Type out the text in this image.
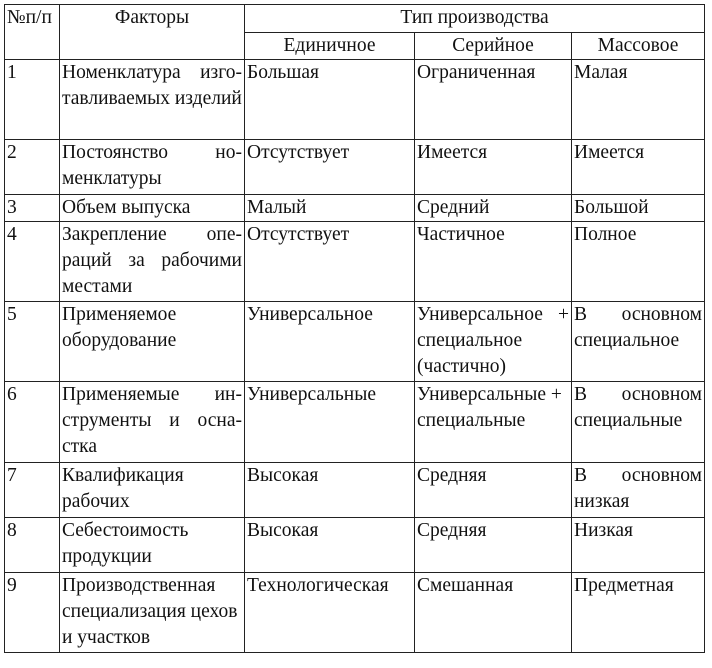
№п/п	Факторы	Тип производства		
		Единичное	Серийное	Массовое
1	Номенклатура изготавливаемых изделий	Большая	Ограниченная	Малая
2	Постоянство номенклатуры	Отсутствует	Имеется	Имеется
3	Объем выпуска	Малый	Средний	Большой
4	Закрепление операций за рабочими местами	Отсутствует	Частичное	Полное
5	Применяемое оборудование	Универсальное	Универсальное + специальное (частично)	В основном специальное
6	Применяемые инструменты и оснастка	Универсальные	Универсальные + специальные	В основном специальные
7	Квалификация рабочих	Высокая	Средняя	В основном низкая
8	Себестоимость продукции	Высокая	Средняя	Низкая
9	Производственная специализация цехов и участков	Технологическая	Смешанная	Предметная
